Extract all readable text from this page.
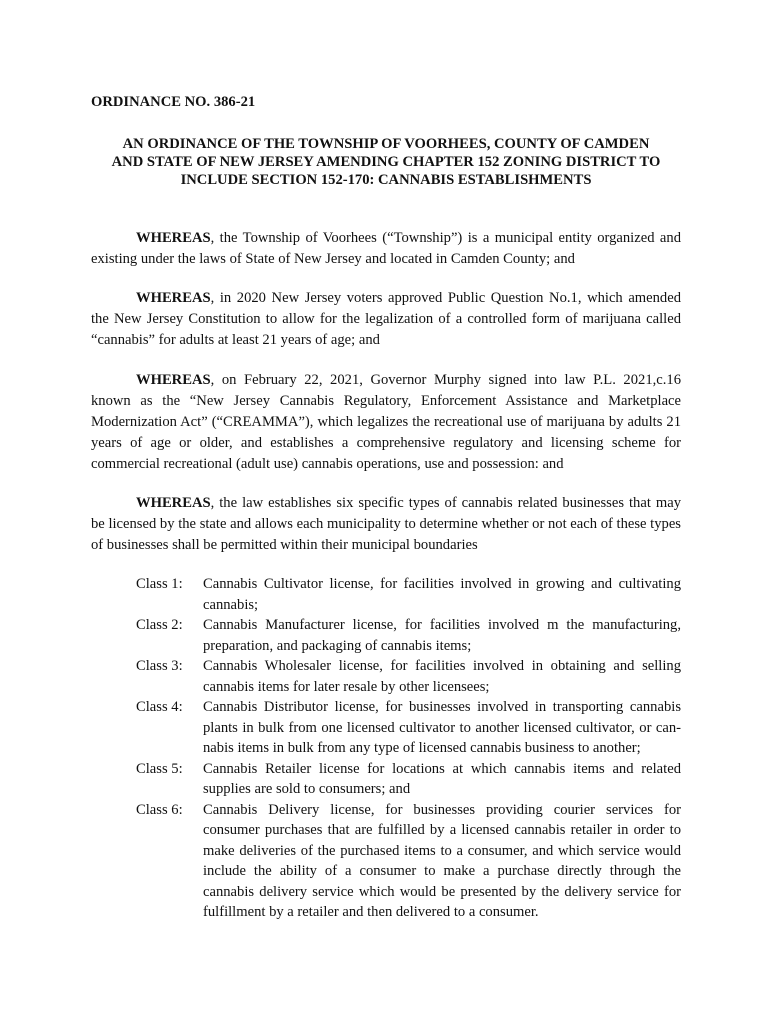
ORDINANCE NO. 386-21
AN ORDINANCE OF THE TOWNSHIP OF VOORHEES, COUNTY OF CAMDEN AND STATE OF NEW JERSEY AMENDING CHAPTER 152 ZONING DISTRICT TO INCLUDE SECTION 152-170: CANNABIS ESTABLISHMENTS

WHEREAS, the Township of Voorhees (“Township”) is a municipal entity organized and existing under the laws of State of New Jersey and located in Camden County; and

WHEREAS, in 2020 New Jersey voters approved Public Question No.1, which amended the New Jersey Constitution to allow for the legalization of a controlled form of marijuana called “cannabis” for adults at least 21 years of age; and

WHEREAS, on February 22, 2021, Governor Murphy signed into law P.L. 2021,c.16 known as the “New Jersey Cannabis Regulatory, Enforcement Assistance and Marketplace Modernization Act” (“CREAMMA”), which legalizes the recreational use of marijuana by adults 21 years of age or older, and establishes a comprehensive regulatory and licensing scheme for commercial recreational (adult use) cannabis operations, use and possession: and

WHEREAS, the law establishes six specific types of cannabis related businesses that may be licensed by the state and allows each municipality to determine whether or not each of these types of businesses shall be permitted within their municipal boundaries

Class 1:	Cannabis Cultivator license, for facilities involved in growing and cultivating cannabis;
Class 2:	Cannabis Manufacturer license, for facilities involved m the manufacturing, preparation, and packaging of cannabis items;
Class 3:	Cannabis Wholesaler license, for facilities involved in obtaining and selling cannabis items for later resale by other licensees;
Class 4:	Cannabis Distributor license, for businesses involved in transporting cannabis plants in bulk from one licensed cultivator to another licensed cultivator, or can-nabis items in bulk from any type of licensed cannabis business to another;
Class 5:	Cannabis Retailer license for locations at which cannabis items and related supplies are sold to consumers; and
Class 6:	Cannabis Delivery license, for businesses providing courier services for consumer purchases that are fulfilled by a licensed cannabis retailer in order to make deliveries of the purchased items to a consumer, and which service would include the ability of a consumer to make a purchase directly through the cannabis delivery service which would be presented by the delivery service for fulfillment by a retailer and then delivered to a consumer.
